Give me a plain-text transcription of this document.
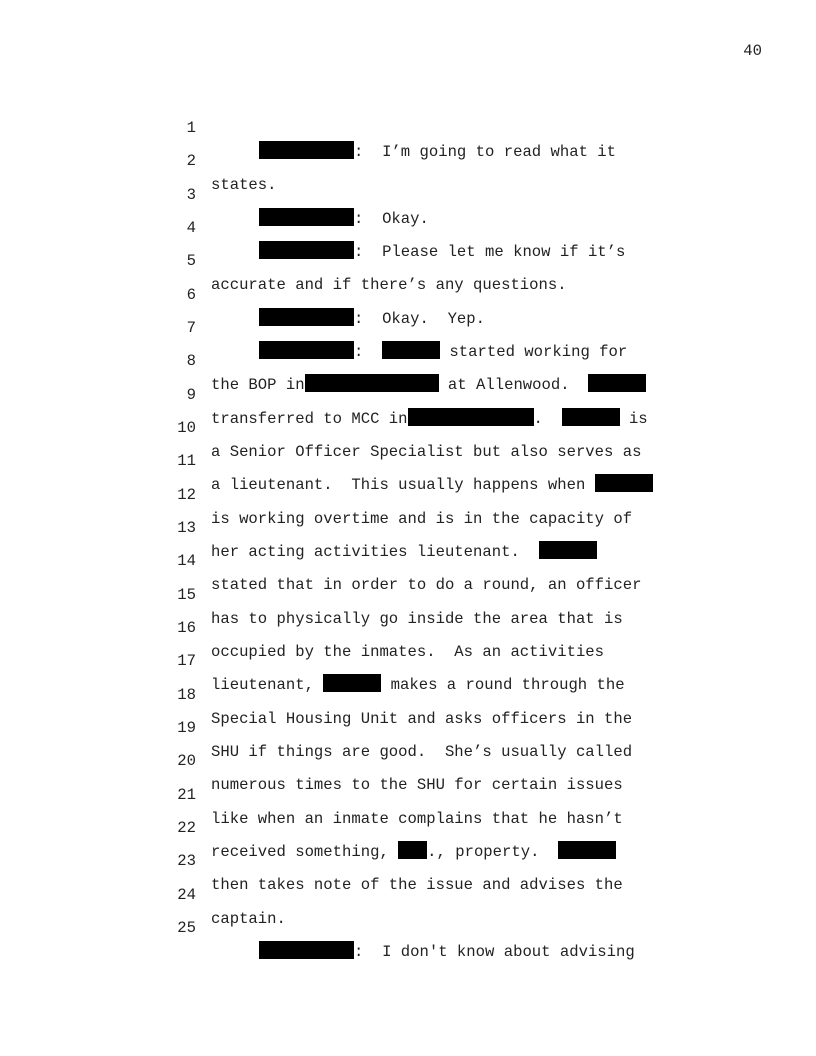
40

1

:  I’m going to read what it

2

states.

3

:  Okay.

4

:  Please let me know if it’s

5

accurate and if there’s any questions.

6

:  Okay.  Yep.

7

:	started working for

8

the BOP in	at Allenwood.

9

transferred to MCC in	.	is

10

a Senior Officer Specialist but also serves as

11

a lieutenant.  This usually happens when

12

is working overtime and is in the capacity of

13

her acting activities lieutenant.

14

stated that in order to do a round, an officer

15

has to physically go inside the area that is

16

occupied by the inmates.  As an activities

17

lieutenant,	makes a round through the

18

Special Housing Unit and asks officers in the

19

SHU if things are good.  She’s usually called

20

numerous times to the SHU for certain issues

21

like when an inmate complains that he hasn’t

22

received something, ., property.

23

then takes note of the issue and advises the

24

captain.

25

:  I don't know about advising
